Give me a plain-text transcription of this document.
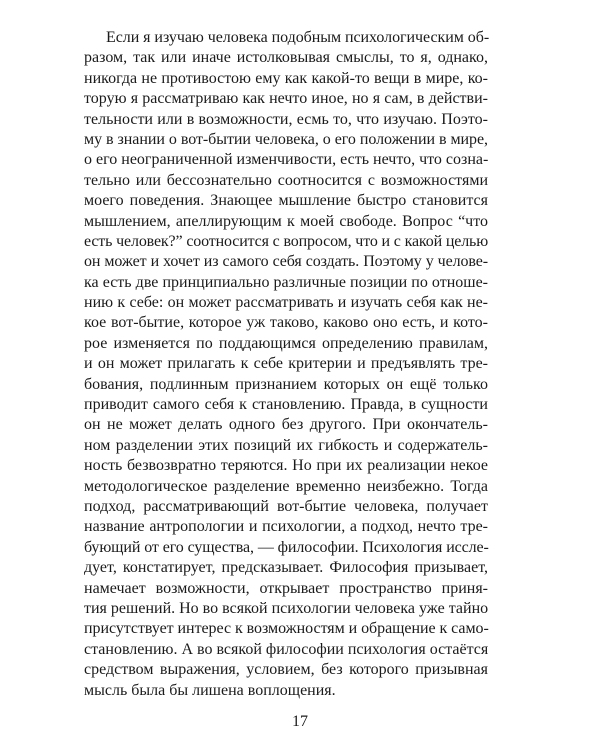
Если я изучаю человека подобным психологическим об-
разом, так или иначе истолковывая смыслы, то я, однако,
никогда не противостою ему как какой-то вещи в мире, ко-
торую я рассматриваю как нечто иное, но я сам, в действи-
тельности или в возможности, есмь то, что изучаю. Поэто-
му в знании о вот-бытии человека, о его положении в мире,
о его неограниченной изменчивости, есть нечто, что созна-
тельно или бессознательно соотносится с возможностями
моего поведения. Знающее мышление быстро становится
мышлением, апеллирующим к моей свободе. Вопрос “что
есть человек?” соотносится с вопросом, что и с какой целью
он может и хочет из самого себя создать. Поэтому у челове-
ка есть две принципиально различные позиции по отноше-
нию к себе: он может рассматривать и изучать себя как не-
кое вот-бытие, которое уж таково, каково оно есть, и кото-
рое изменяется по поддающимся определению правилам,
и он может прилагать к себе критерии и предъявлять тре-
бования, подлинным признанием которых он ещё только
приводит самого себя к становлению. Правда, в сущности
он не может делать одного без другого. При окончатель-
ном разделении этих позиций их гибкость и содержатель-
ность безвозвратно теряются. Но при их реализации некое
методологическое разделение временно неизбежно. Тогда
подход, рассматривающий вот-бытие человека, получает
название антропологии и психологии, а подход, нечто тре-
бующий от его существа, — философии. Психология иссле-
дует, констатирует, предсказывает. Философия призывает,
намечает возможности, открывает пространство приня-
тия решений. Но во всякой психологии человека уже тайно
присутствует интерес к возможностям и обращение к само-
становлению. А во всякой философии психология остаётся
средством выражения, условием, без которого призывная
мысль была бы лишена воплощения.
17
